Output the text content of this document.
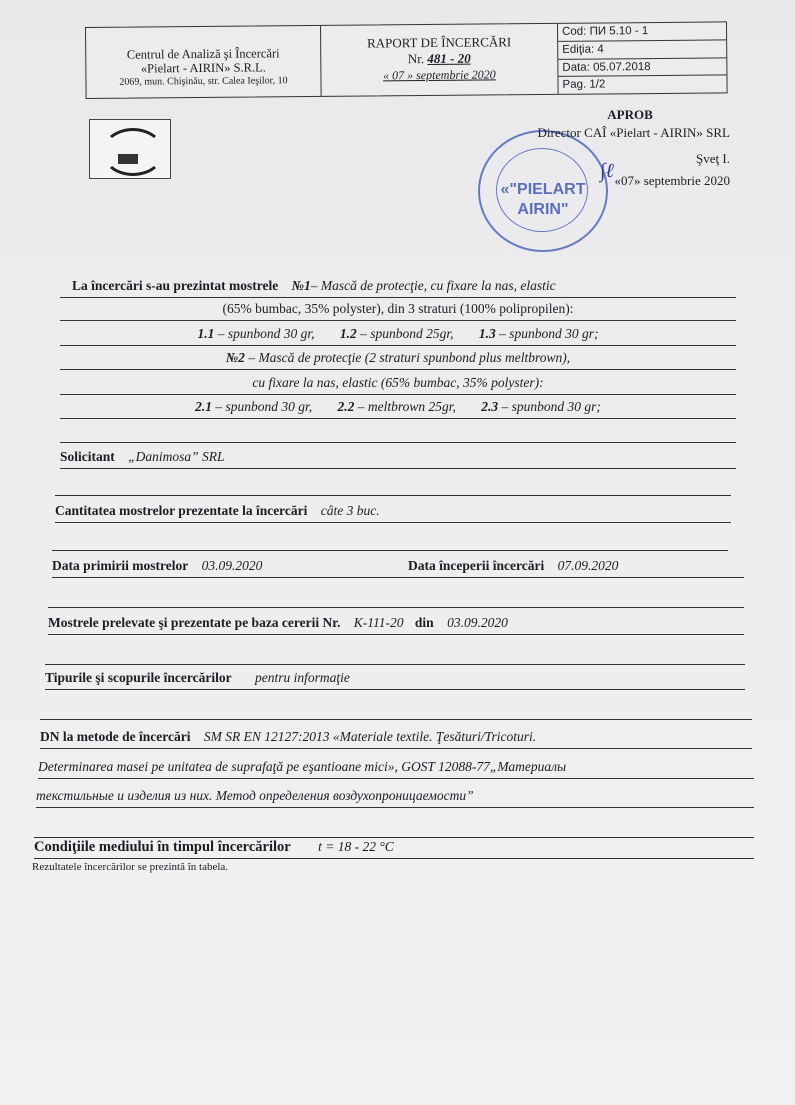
Centrul de Analiză şi Încercări
«Pielart - AIRIN» S.R.L.
2069, mun. Chişinău, str. Calea Ieşilor, 10
RAPORT DE ÎNCERCĂRI
Nr. 481 - 20
« 07 » septembrie 2020
Cod: ПИ 5.10 - 1
Ediţia: 4
Data: 05.07.2018
Pag. 1/2
«"PIELART
AIRIN"
APROB
Director CAÎ «Pielart - AIRIN» SRL
Şveţ I.
«07» septembrie 2020
∫ℓ
La încercări s-au prezintat mostrele №1– Mască de protecţie, cu fixare la nas, elastic
(65% bumbac, 35% polyster), din 3 straturi (100% polipropilen):
1.1 – spunbond 30 gr, 1.2 – spunbond 25gr, 1.3 – spunbond 30 gr;
№2 – Mască de protecţie (2 straturi spunbond plus meltbrown),
cu fixare la nas, elastic (65% bumbac, 35% polyster):
2.1 – spunbond 30 gr, 2.2 – meltbrown 25gr, 2.3 – spunbond 30 gr;
Solicitant „Danimosa” SRL
Cantitatea mostrelor prezentate la încercări câte 3 buc.
Data primirii mostrelor 03.09.2020	Data începerii încercări 07.09.2020
Mostrele prelevate şi prezentate pe baza cererii Nr. K-111-20 din 03.09.2020
Tipurile şi scopurile încercărilor pentru informaţie
DN la metode de încercări SM SR EN 12127:2013 «Materiale textile. Ţesături/Tricoturi.
Determinarea masei pe unitatea de suprafaţă pe eşantioane mici», GOST 12088-77„Материалы
текстильные и изделия из них. Метод определения воздухопроницаемости”
Condiţiile mediului în timpul încercărilor t = 18 - 22 °C
Rezultatele încercărilor se prezintă în tabela.
